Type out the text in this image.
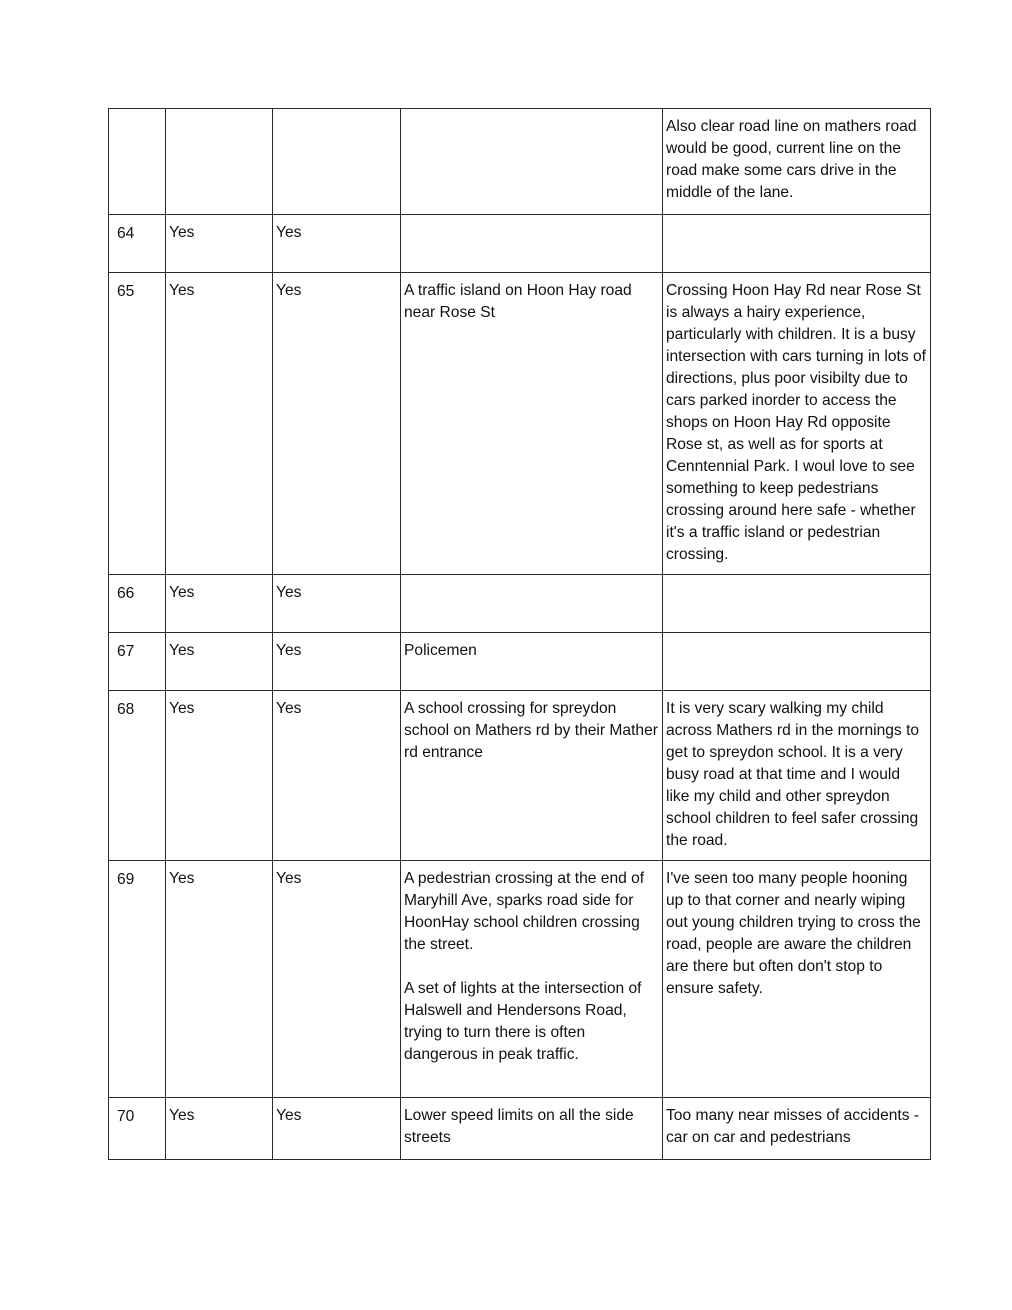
				Also clear road line on mathers road would be good, current line on the road make some cars drive in the middle of the lane.

64	Yes	Yes		
65	Yes	Yes	A traffic island on Hoon Hay road near Rose St	Crossing Hoon Hay Rd near Rose St is always a hairy experience, particularly with children. It is a busy intersection with cars turning in lots of directions, plus poor visibilty due to cars parked inorder to access the shops on Hoon Hay Rd opposite Rose st, as well as for sports at Cenntennial Park. I woul love to see something to keep pedestrians crossing around here safe - whether it's a traffic island or pedestrian crossing.

66	Yes	Yes		
67	Yes	Yes	Policemen	

68	Yes	Yes	A school crossing for spreydon school on Mathers rd by their Mather rd entrance	It is very scary walking my child across Mathers rd in the mornings to get to spreydon school. It is a very busy road at that time and I would like my child and other spreydon school children to feel safer crossing the road.

69	Yes	Yes	A pedestrian crossing at the end of Maryhill Ave, sparks road side for HoonHay school children crossing the street.
A set of lights at the intersection of Halswell and Hendersons Road, trying to turn there is often dangerous in peak traffic.	I've seen too many people hooning up to that corner and nearly wiping out young children trying to cross the road, people are aware the children are there but often don't stop to ensure safety.

70	Yes	Yes	Lower speed limits on all the side streets	Too many near misses of accidents - car on car and pedestrians
